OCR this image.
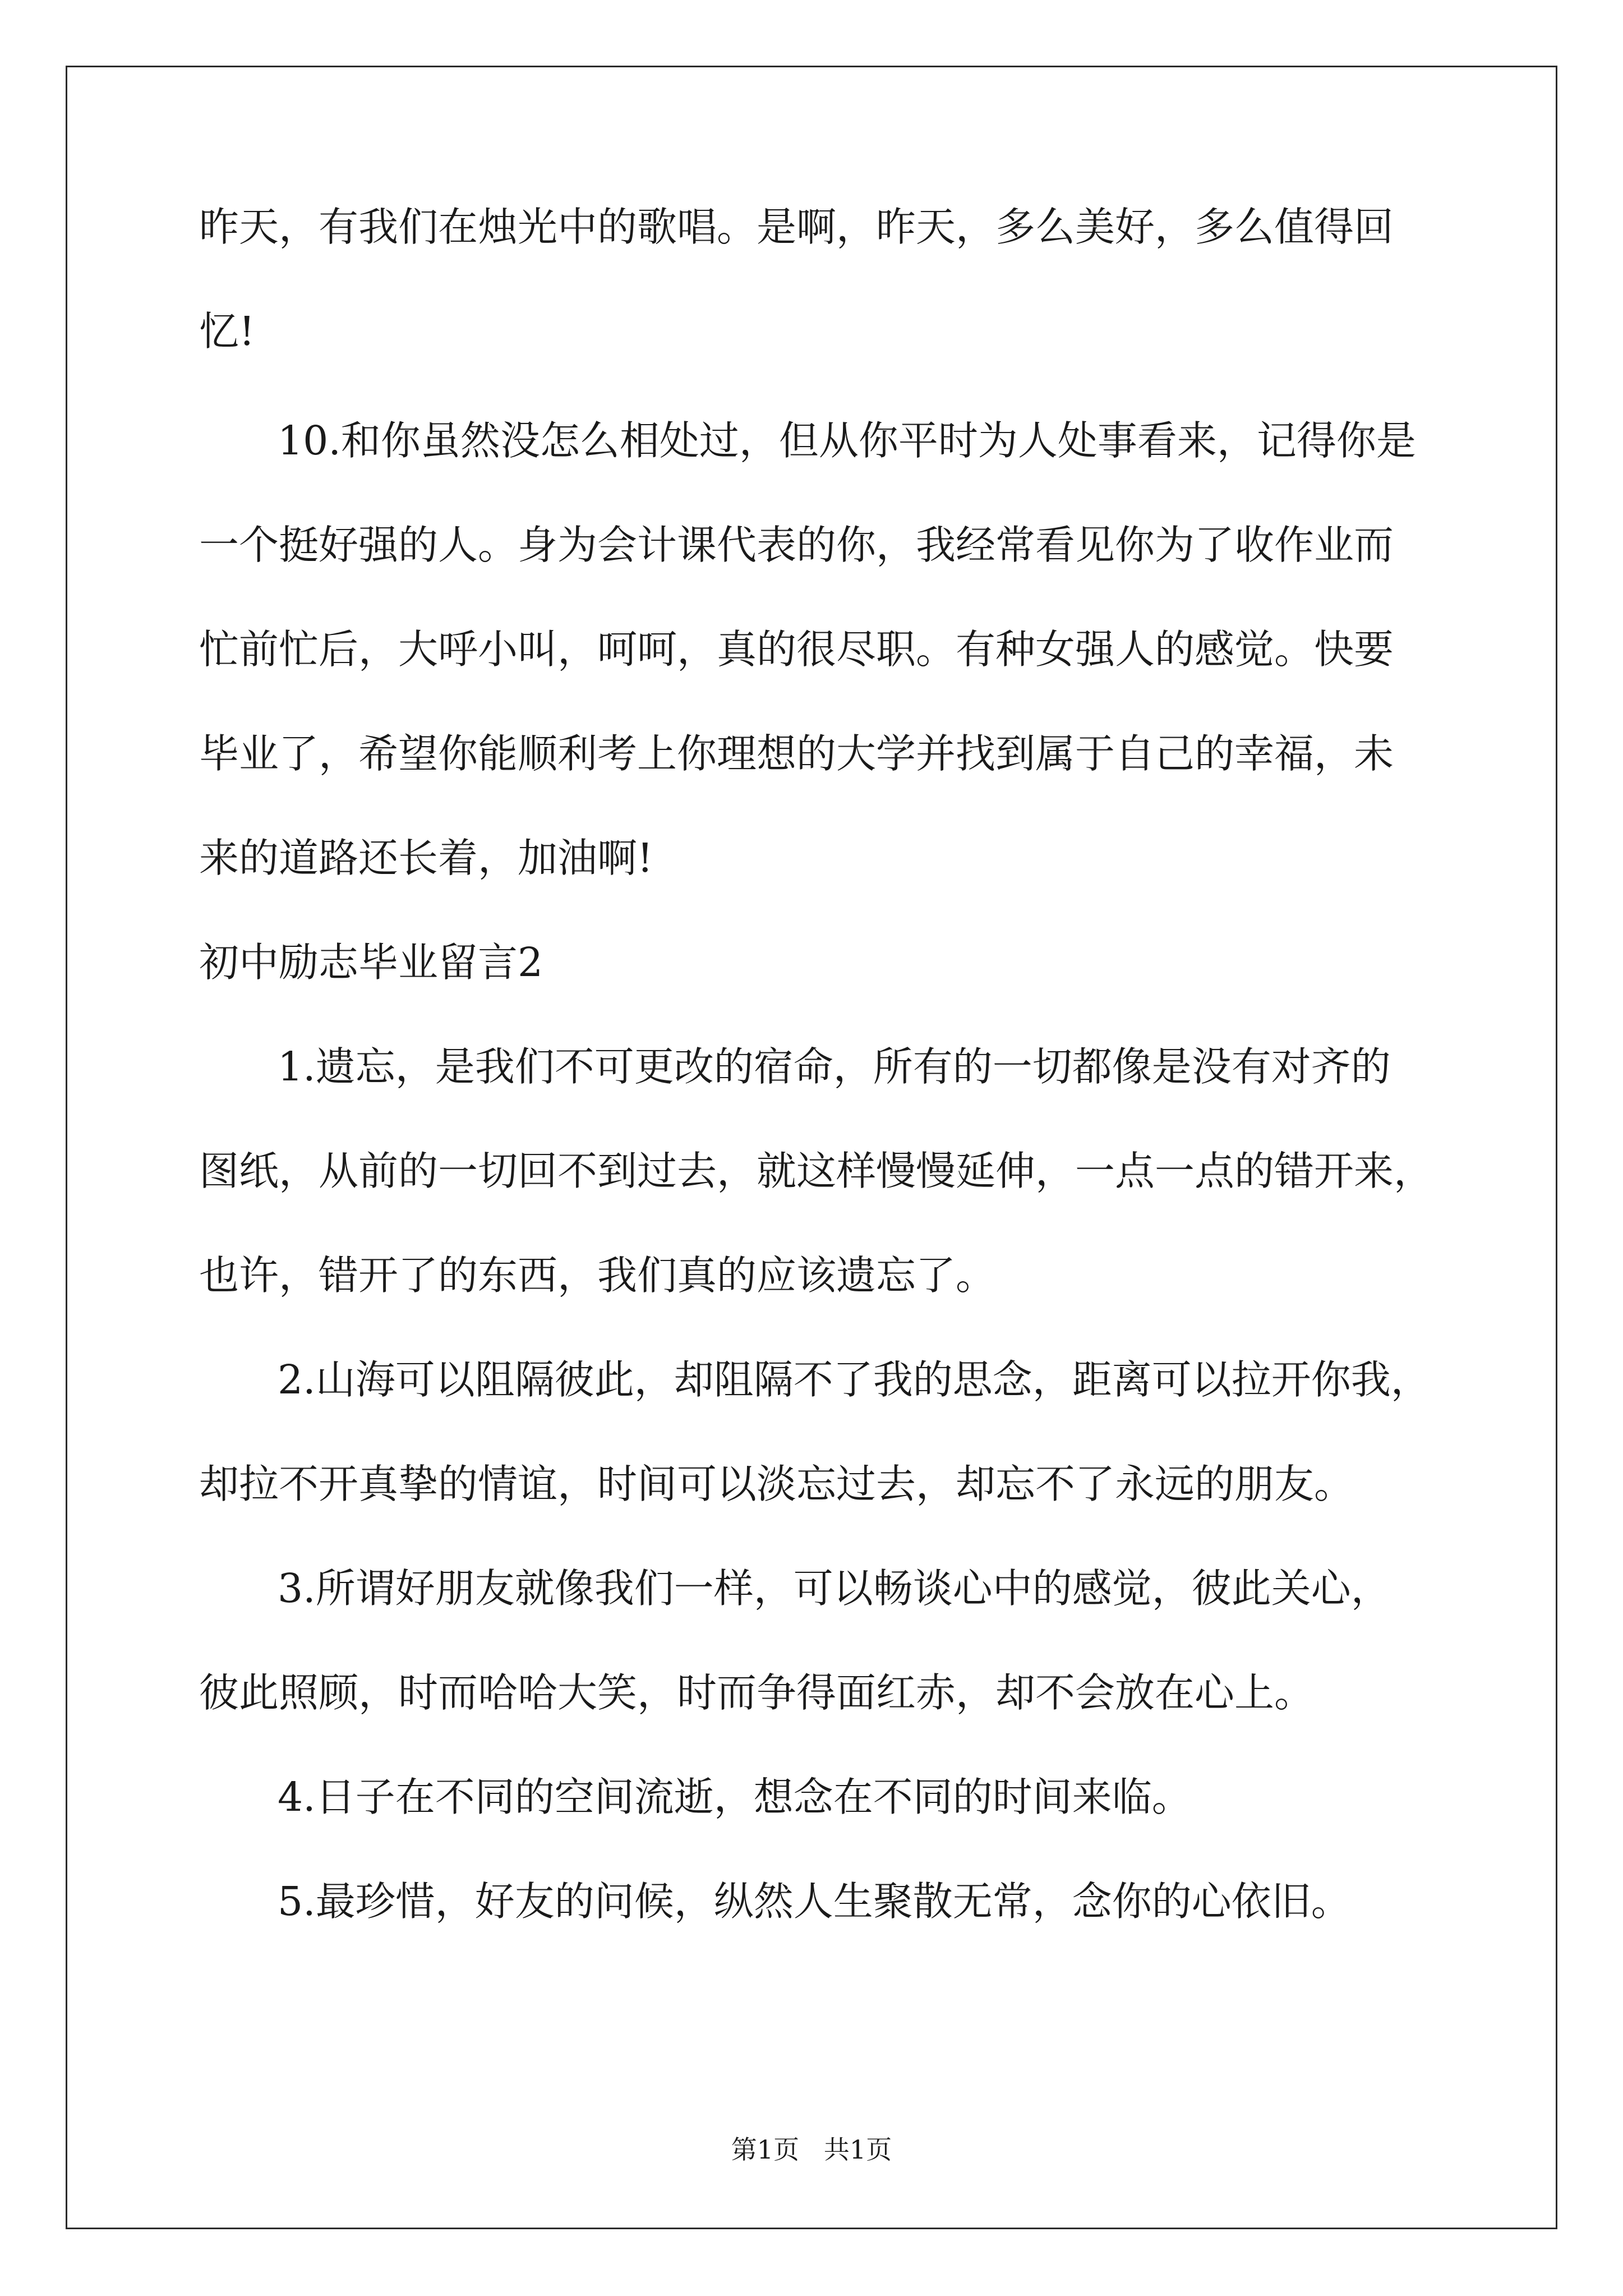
昨天，有我们在烛光中的歌唱。是啊，昨天，多么美好，多么值得回
忆!
10.和你虽然没怎么相处过，但从你平时为人处事看来，记得你是
一个挺好强的人。身为会计课代表的你，我经常看见你为了收作业而
忙前忙后，大呼小叫，呵呵，真的很尽职。有种女强人的感觉。快要
毕业了，希望你能顺利考上你理想的大学并找到属于自己的幸福，未
来的道路还长着，加油啊!
初中励志毕业留言2
1.遗忘，是我们不可更改的宿命，所有的一切都像是没有对齐的
图纸，从前的一切回不到过去，就这样慢慢延伸，一点一点的错开来，
也许，错开了的东西，我们真的应该遗忘了。
2.山海可以阻隔彼此，却阻隔不了我的思念，距离可以拉开你我，
却拉不开真挚的情谊，时间可以淡忘过去，却忘不了永远的朋友。
3.所谓好朋友就像我们一样，可以畅谈心中的感觉，彼此关心，
彼此照顾，时而哈哈大笑，时而争得面红赤，却不会放在心上。
4.日子在不同的空间流逝，想念在不同的时间来临。
5.最珍惜，好友的问候，纵然人生聚散无常，念你的心依旧。
第1页   共1页
